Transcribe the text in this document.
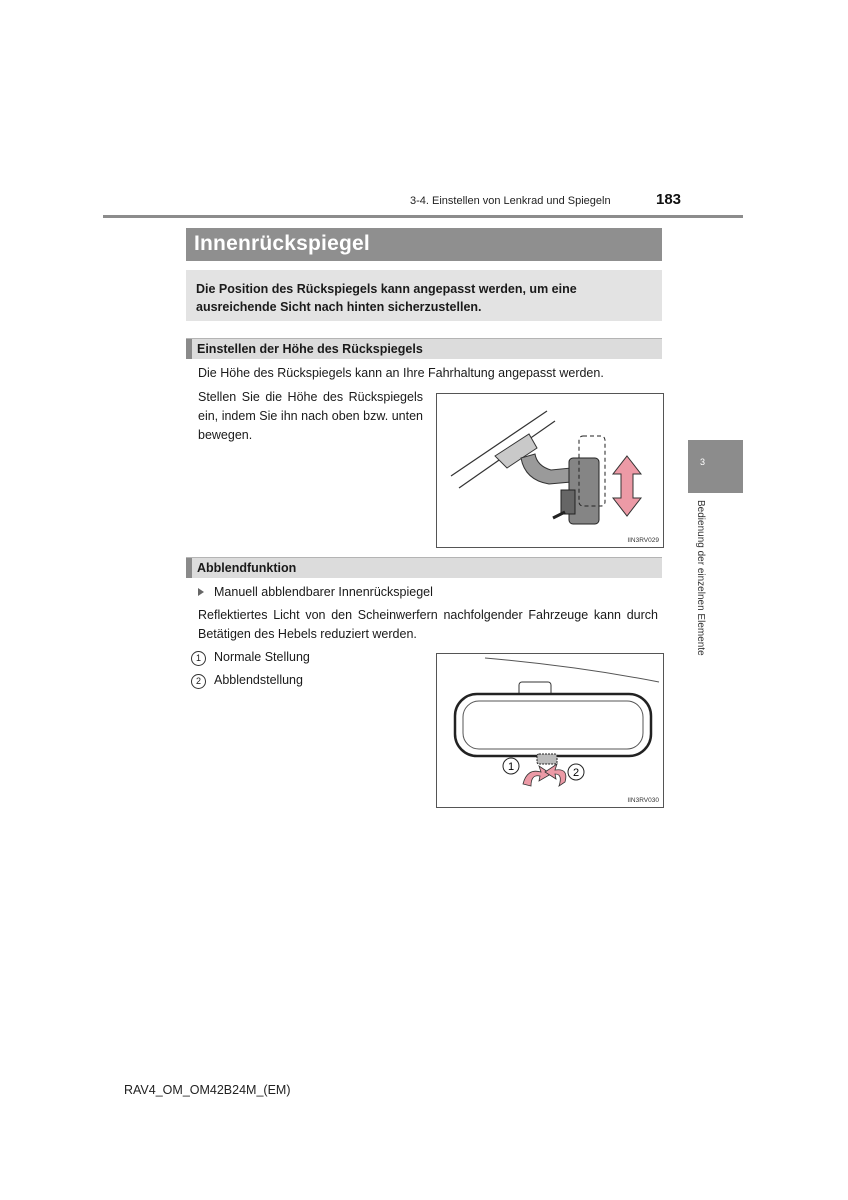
3-4. Einstellen von Lenkrad und Spiegeln	183
Innenrückspiegel
Die Position des Rückspiegels kann angepasst werden, um eine ausreichende Sicht nach hinten sicherzustellen.
Einstellen der Höhe des Rückspiegels
Die Höhe des Rückspiegels kann an Ihre Fahrhaltung angepasst werden.
Stellen Sie die Höhe des Rückspiegels ein, indem Sie ihn nach oben bzw. unten bewegen.
IIN3RV029
Abblendfunktion
Manuell abblendbarer Innenrückspiegel
Reflektiertes Licht von den Scheinwerfern nachfolgender Fahrzeuge kann durch Betätigen des Hebels reduziert werden.
1	Normale Stellung
2	Abblendstellung
1	2
IIN3RV030
3
Bedienung der einzelnen Elemente
RAV4_OM_OM42B24M_(EM)
